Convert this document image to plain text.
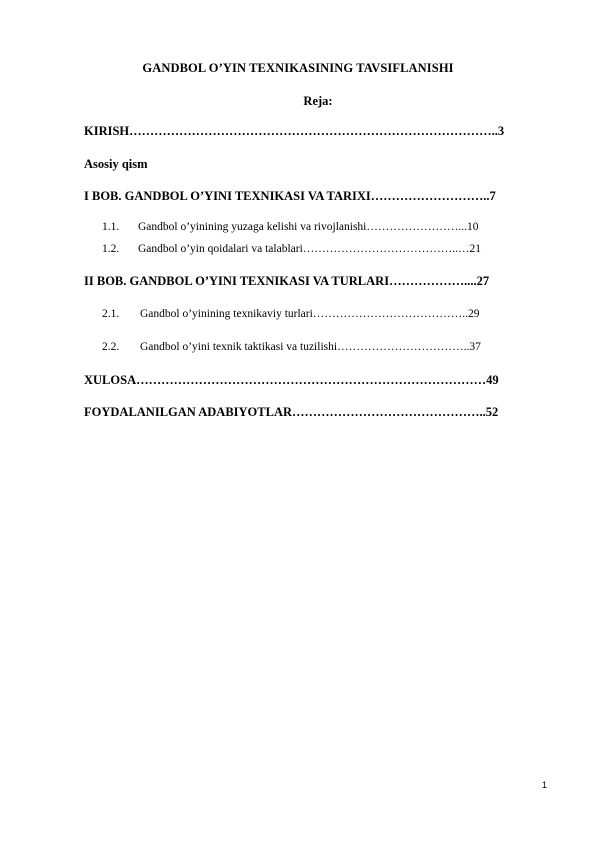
GANDBOL O’YIN TEXNIKASINING TAVSIFLANISHI
Reja:
KIRISH……………………………………………………………………………..3
Asosiy qism
I BOB. GANDBOL O’YINI TEXNIKASI VA TARIXI………………………..7
1.1. Gandbol o’yinining yuzaga kelishi va rivojlanishi……………………...10
1.2. Gandbol o’yin qoidalari va talablari…………………………………..…21
II BOB. GANDBOL O’YINI TEXNIKASI VA TURLARI………………....27
2.1. Gandbol o’yinining texnikaviy turlari…………………………………..29
2.2. Gandbol o’yini texnik taktikasi va tuzilishi……………………………..37
XULOSA…………………………………………………………………………49
FOYDALANILGAN ADABIYOTLAR………………………………………..52
1
